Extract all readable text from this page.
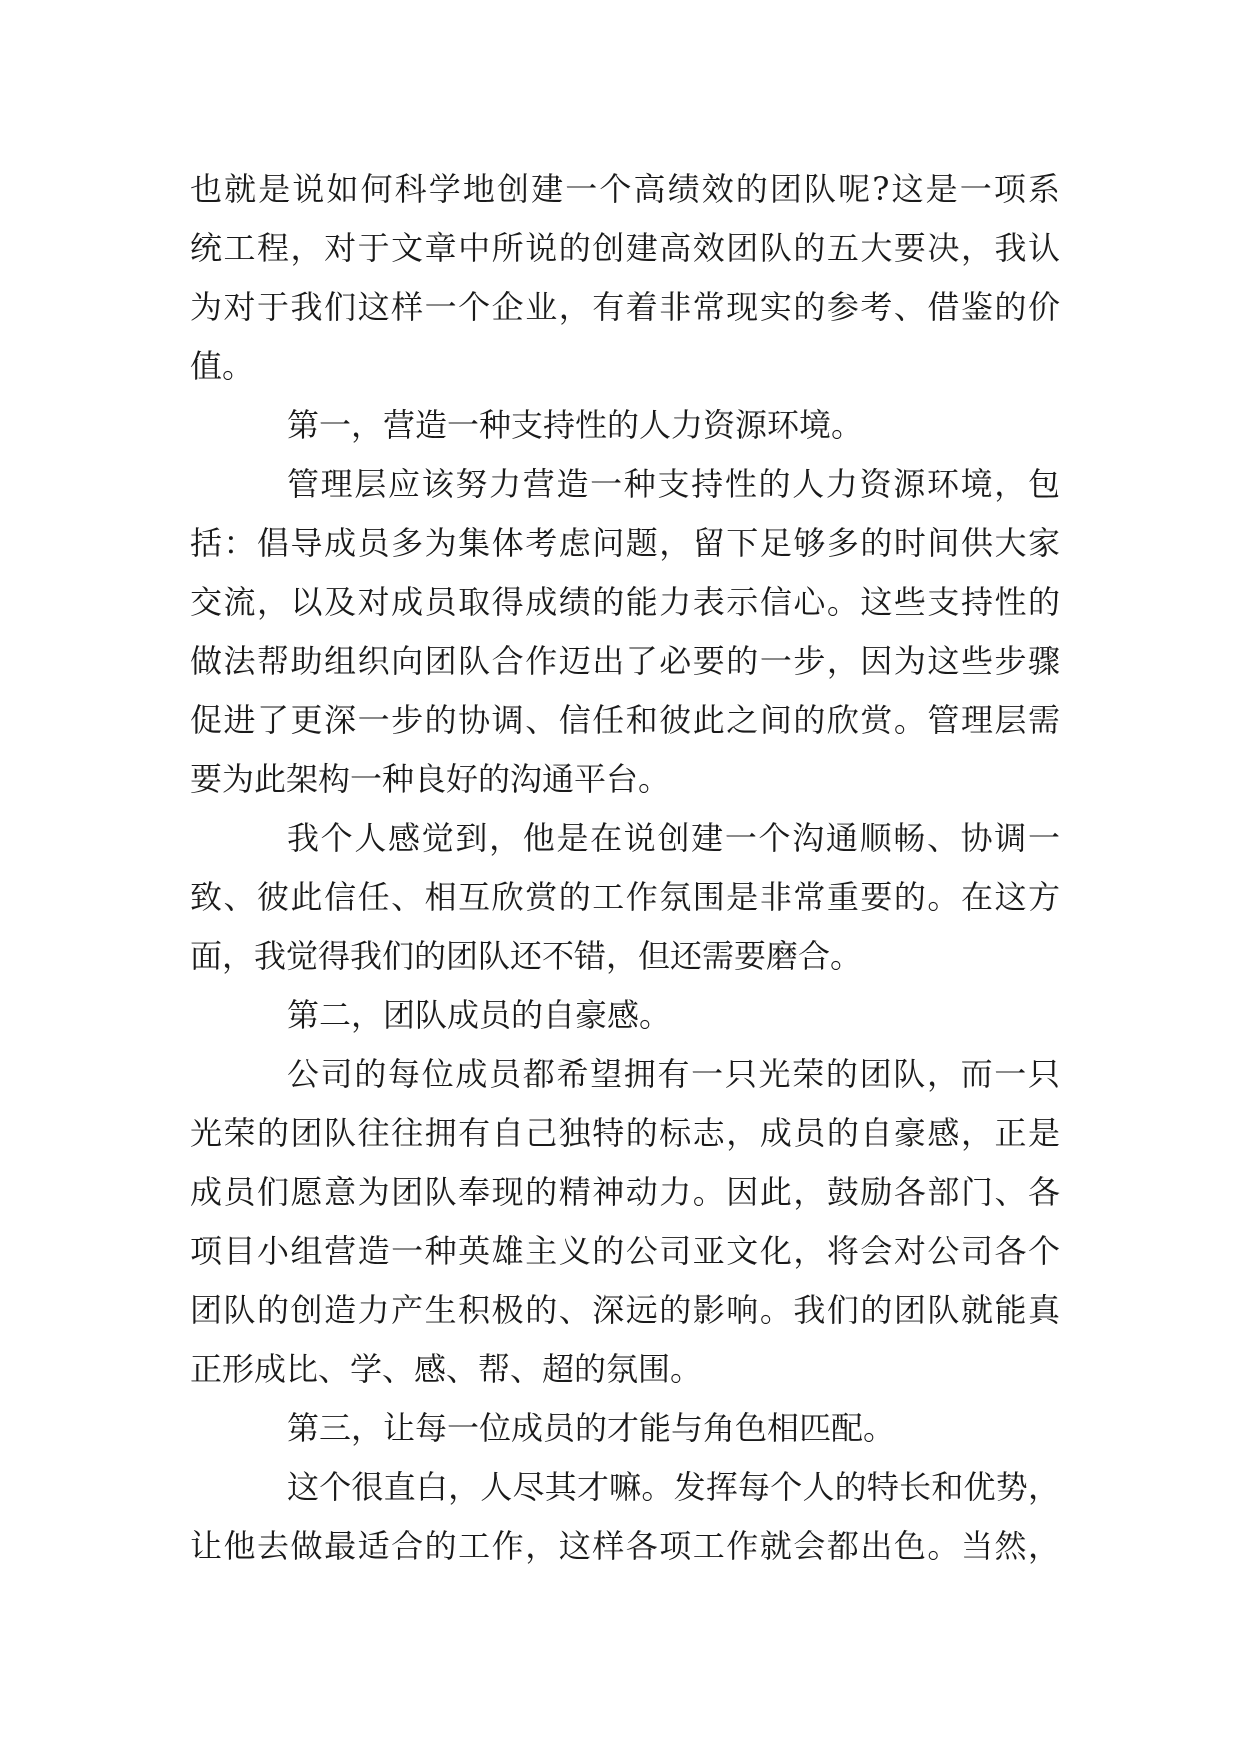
也就是说如何科学地创建一个高绩效的团队呢?这是一项系
统工程，对于文章中所说的创建高效团队的五大要决，我认
为对于我们这样一个企业，有着非常现实的参考、借鉴的价
值。
第一，营造一种支持性的人力资源环境。
管理层应该努力营造一种支持性的人力资源环境，包
括：倡导成员多为集体考虑问题，留下足够多的时间供大家
交流，以及对成员取得成绩的能力表示信心。这些支持性的
做法帮助组织向团队合作迈出了必要的一步，因为这些步骤
促进了更深一步的协调、信任和彼此之间的欣赏。管理层需
要为此架构一种良好的沟通平台。
我个人感觉到，他是在说创建一个沟通顺畅、协调一
致、彼此信任、相互欣赏的工作氛围是非常重要的。在这方
面，我觉得我们的团队还不错，但还需要磨合。
第二，团队成员的自豪感。
公司的每位成员都希望拥有一只光荣的团队，而一只
光荣的团队往往拥有自己独特的标志，成员的自豪感，正是
成员们愿意为团队奉现的精神动力。因此，鼓励各部门、各
项目小组营造一种英雄主义的公司亚文化，将会对公司各个
团队的创造力产生积极的、深远的影响。我们的团队就能真
正形成比、学、感、帮、超的氛围。
第三，让每一位成员的才能与角色相匹配。
这个很直白，人尽其才嘛。发挥每个人的特长和优势，
让他去做最适合的工作，这样各项工作就会都出色。当然，
